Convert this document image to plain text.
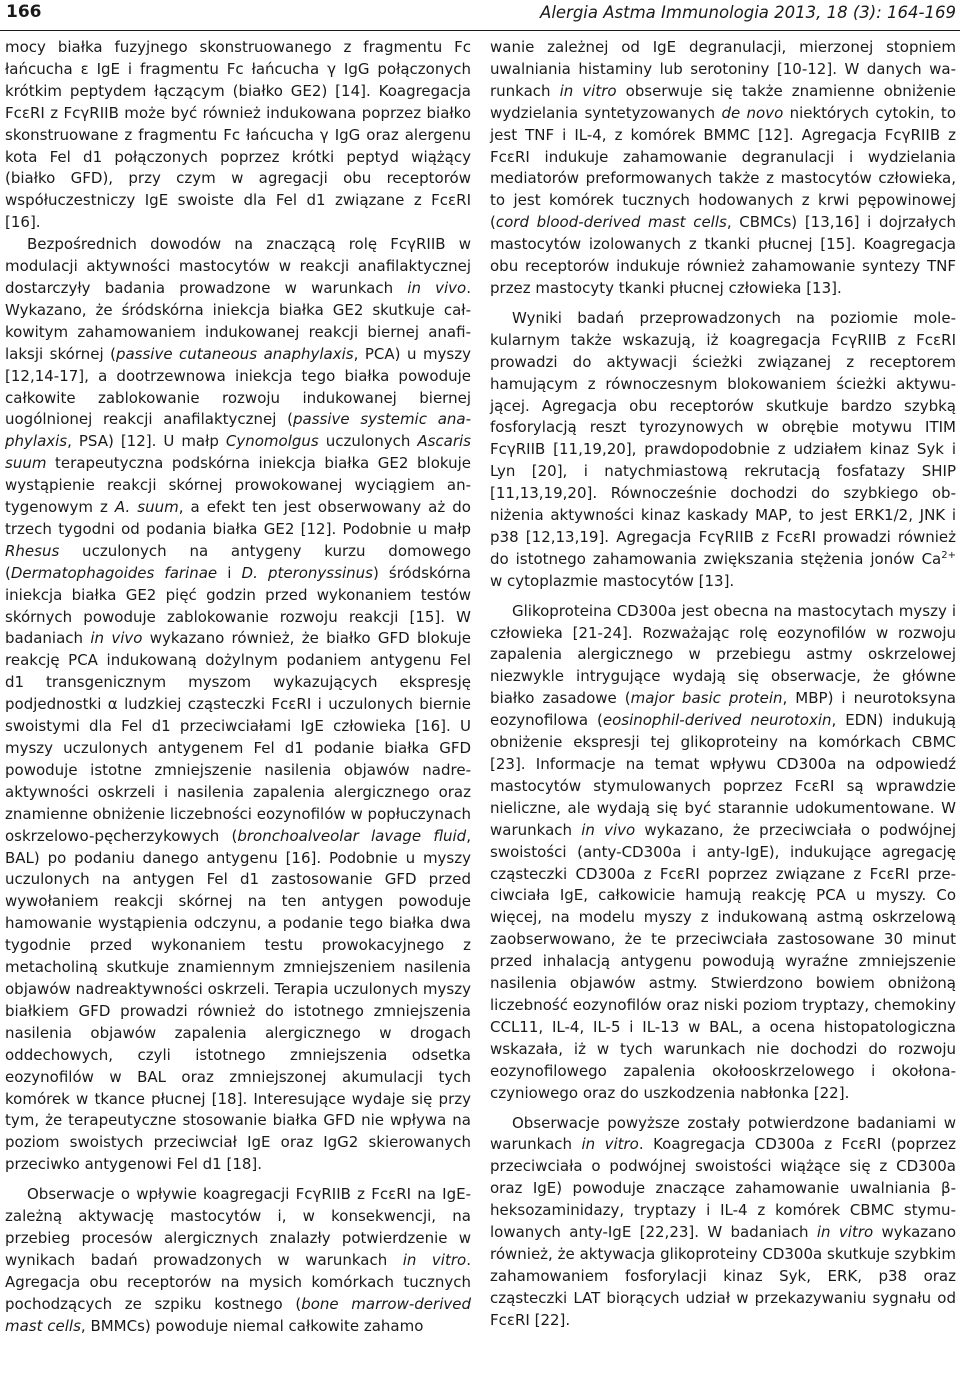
166	Alergia Astma Immunologia 2013, 18 (3): 164-169

mocy białka fuzyjnego skonstruowanego z fragmentu Fc łańcucha ε IgE i fragmentu Fc łańcucha γ IgG połączonych krótkim peptydem łączącym (białko GE2) [14]. Koagregacja FcεRI z FcγRIIB może być również indukowana poprzez białko skonstruowane z fragmentu Fc łańcucha γ IgG oraz alergenu kota Fel d1 połączonych poprzez krótki peptyd wiążący (białko GFD), przy czym w agregacji obu receptorów współuczestniczy IgE swoiste dla Fel d1 związane z FcεRI [16].

Bezpośrednich dowodów na znaczącą rolę FcγRIIB w modulacji aktywności mastocytów w reakcji anafilaktycznej dostarczyły badania prowadzone w warunkach in vivo. Wykazano, że śródskórna iniekcja białka GE2 skutkuje całkowitym zahamowaniem indukowanej reakcji biernej anafilaksji skórnej (passive cutaneous anaphylaxis, PCA) u myszy [12,14-17], a dootrzewnowa iniekcja tego białka powoduje całkowite zablokowanie rozwoju indukowanej biernej uogólnionej reakcji anafilaktycznej (passive systemic anaphylaxis, PSA) [12]. U małp Cynomolgus uczulonych Ascaris suum terapeutyczna podskórna iniekcja białka GE2 blokuje wystąpienie reakcji skórnej prowokowanej wyciągiem antygenowym z A. suum, a efekt ten jest obserwowany aż do trzech tygodni od podania białka GE2 [12]. Podobnie u małp Rhesus uczulonych na antygeny kurzu domowego (Dermatophagoides farinae i D. pteronyssinus) śródskórna iniekcja białka GE2 pięć godzin przed wykonaniem testów skórnych powoduje zablokowanie rozwoju reakcji [15]. W badaniach in vivo wykazano również, że białko GFD blokuje reakcję PCA indukowaną dożylnym podaniem antygenu Fel d1 transgenicznym myszom wykazujących ekspresję podjednostki α ludzkiej cząsteczki FcεRI i uczulonych biernie swoistymi dla Fel d1 przeciwciałami IgE człowieka [16]. U myszy uczulonych antygenem Fel d1 podanie białka GFD powoduje istotne zmniejszenie nasilenia objawów nadreaktywności oskrzeli i nasilenia zapalenia alergicznego oraz znamienne obniżenie liczebności eozynofilów w popłuczynach oskrzelowo-pęcherzykowych (bronchoalveolar lavage fluid, BAL) po podaniu danego antygenu [16]. Podobnie u myszy uczulonych na antygen Fel d1 zastosowanie GFD przed wywołaniem reakcji skórnej na ten antygen powoduje hamowanie wystąpienia odczynu, a podanie tego białka dwa tygodnie przed wykonaniem testu prowokacyjnego z metacholiną skutkuje znamiennym zmniejszeniem nasilenia objawów nadreaktywności oskrzeli. Terapia uczulonych myszy białkiem GFD prowadzi również do istotnego zmniejszenia nasilenia objawów zapalenia alergicznego w drogach oddechowych, czyli istotnego zmniejszenia odsetka eozynofilów w BAL oraz zmniejszonej akumulacji tych komórek w tkance płucnej [18]. Interesujące wydaje się przy tym, że terapeutyczne stosowanie białka GFD nie wpływa na poziom swoistych przeciwciał IgE oraz IgG2 skierowanych przeciwko antygenowi Fel d1 [18].

Obserwacje o wpływie koagregacji FcγRIIB z FcεRI na IgE-zależną aktywację mastocytów i, w konsekwencji, na przebieg procesów alergicznych znalazły potwierdzenie w wynikach badań prowadzonych w warunkach in vitro. Agregacja obu receptorów na mysich komórkach tucznych pochodzących ze szpiku kostnego (bone marrow-derived mast cells, BMMCs) powoduje niemal całkowite zahamo

wanie zależnej od IgE degranulacji, mierzonej stopniem uwalniania histaminy lub serotoniny [10-12]. W danych warunkach in vitro obserwuje się także znamienne obniżenie wydzielania syntetyzowanych de novo niektórych cytokin, to jest TNF i IL-4, z komórek BMMC [12]. Agregacja FcγRIIB z FcεRI indukuje zahamowanie degranulacji i wydzielania mediatorów preformowanych także z mastocytów człowieka, to jest komórek tucznych hodowanych z krwi pępowinowej (cord blood-derived mast cells, CBMCs) [13,16] i dojrzałych mastocytów izolowanych z tkanki płucnej [15]. Koagregacja obu receptorów indukuje również zahamowanie syntezy TNF przez mastocyty tkanki płucnej człowieka [13].

Wyniki badań przeprowadzonych na poziomie molekularnym także wskazują, iż koagregacja FcγRIIB z FcεRI prowadzi do aktywacji ścieżki związanej z receptorem hamującym z równoczesnym blokowaniem ścieżki aktywującej. Agregacja obu receptorów skutkuje bardzo szybką fosforylacją reszt tyrozynowych w obrębie motywu ITIM FcγRIIB [11,19,20], prawdopodobnie z udziałem kinaz Syk i Lyn [20], i natychmiastową rekrutacją fosfatazy SHIP [11,13,19,20]. Równocześnie dochodzi do szybkiego obniżenia aktywności kinaz kaskady MAP, to jest ERK1/2, JNK i p38 [12,13,19]. Agregacja FcγRIIB z FcεRI prowadzi również do istotnego zahamowania zwiększania stężenia jonów $Ca^{2+}$ w cytoplazmie mastocytów [13].

Glikoproteina CD300a jest obecna na mastocytach myszy i człowieka [21-24]. Rozważając rolę eozynofilów w rozwoju zapalenia alergicznego w przebiegu astmy oskrzelowej niezwykle intrygujące wydają się obserwacje, że główne białko zasadowe (major basic protein, MBP) i neurotoksyna eozynofilowa (eosinophil-derived neurotoxin, EDN) indukują obniżenie ekspresji tej glikoproteiny na komórkach CBMC [23]. Informacje na temat wpływu CD300a na odpowiedź mastocytów stymulowanych poprzez FcεRI są wprawdzie nieliczne, ale wydają się być starannie udokumentowane. W warunkach in vivo wykazano, że przeciwciała o podwójnej swoistości (anty-CD300a i anty-IgE), indukujące agregację cząsteczki CD300a z FcεRI poprzez związane z FcεRI przeciwciała IgE, całkowicie hamują reakcję PCA u myszy. Co więcej, na modelu myszy z indukowaną astmą oskrzelową zaobserwowano, że te przeciwciała zastosowane 30 minut przed inhalacją antygenu powodują wyraźne zmniejszenie nasilenia objawów astmy. Stwierdzono bowiem obniżoną liczebność eozynofilów oraz niski poziom tryptazy, chemokiny CCL11, IL-4, IL-5 i IL-13 w BAL, a ocena histopatologiczna wskazała, iż w tych warunkach nie dochodzi do rozwoju eozynofilowego zapalenia okołooskrzelowego i okołonaczyniowego oraz do uszkodzenia nabłonka [22].

Obserwacje powyższe zostały potwierdzone badaniami w warunkach in vitro. Koagregacja CD300a z FcεRI (poprzez przeciwciała o podwójnej swoistości wiążące się z CD300a oraz IgE) powoduje znaczące zahamowanie uwalniania β-heksozaminidazy, tryptazy i IL-4 z komórek CBMC stymulowanych anty-IgE [22,23]. W badaniach in vitro wykazano również, że aktywacja glikoproteiny CD300a skutkuje szybkim zahamowaniem fosforylacji kinaz Syk, ERK, p38 oraz cząsteczki LAT biorących udział w przekazywaniu sygnału od FcεRI [22].
